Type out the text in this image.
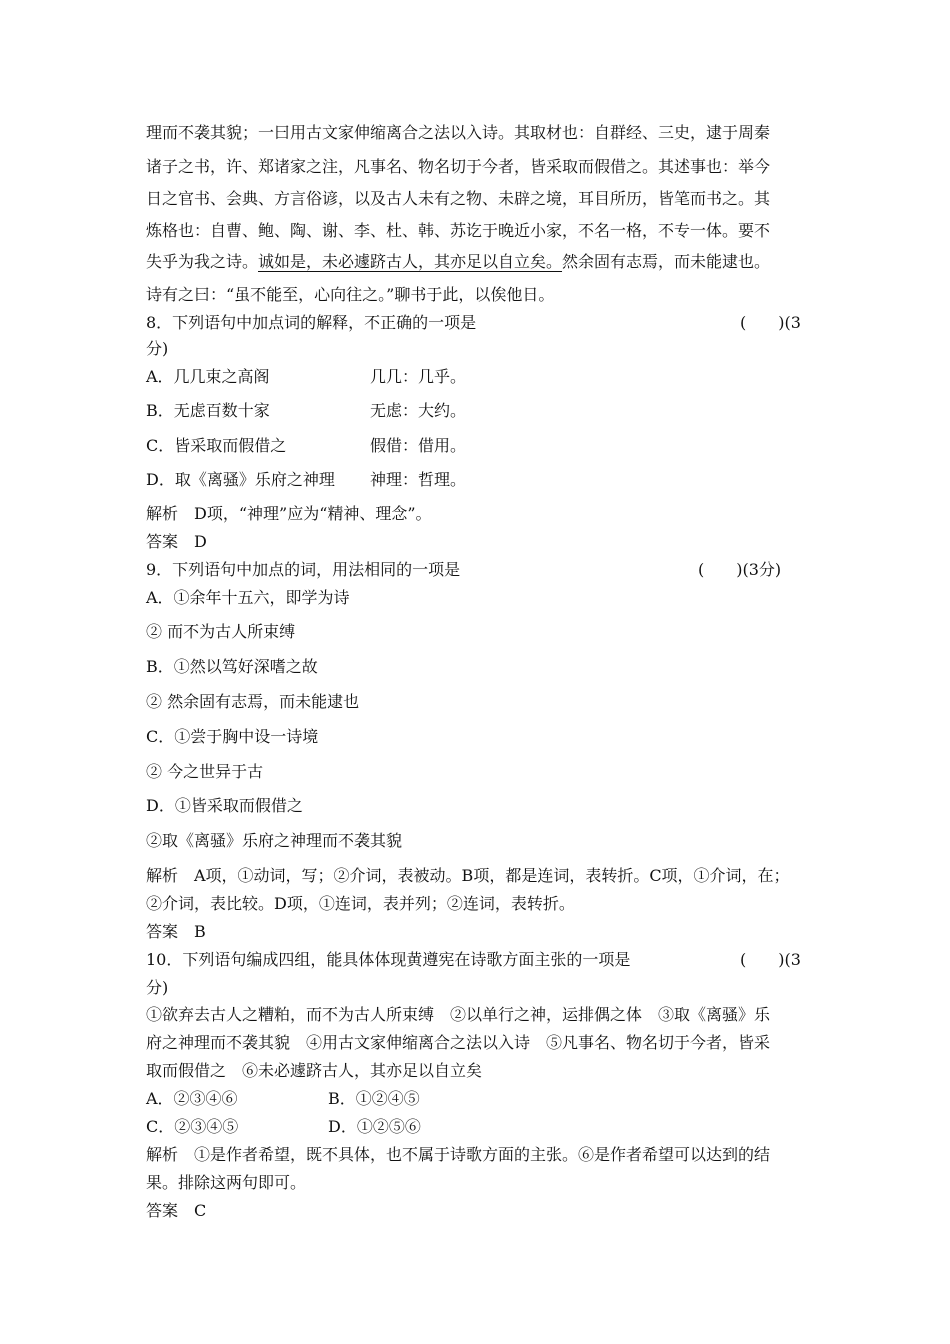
理而不袭其貌；一曰用古文家伸缩离合之法以入诗。其取材也：自群经、三史，逮于周秦
诸子之书，许、郑诸家之注，凡事名、物名切于今者，皆采取而假借之。其述事也：举今
日之官书、会典、方言俗谚，以及古人未有之物、未辟之境，耳目所历，皆笔而书之。其
炼格也：自曹、鲍、陶、谢、李、杜、韩、苏讫于晚近小家，不名一格，不专一体。要不
失乎为我之诗。诚如是，未必遽跻古人，其亦足以自立矣。然余固有志焉，而未能逮也。
诗有之曰：“虽不能至，心向往之。”聊书于此，以俟他日。
8．下列语句中加点词的解释，不正确的一项是	(　　)(3
分)
A．几几束之高阁	几几：几乎。
B．无虑百数十家	无虑：大约。
C．皆采取而假借之	假借：借用。
D．取《离骚》乐府之神理 神理：哲理。
解析　D项，“神理”应为“精神、理念”。
答案　D
9．下列语句中加点的词，用法相同的一项是	(　　)(3分)
A．①余年十五六，即学为诗
② 而不为古人所束缚
B．①然以笃好深嗜之故
② 然余固有志焉，而未能逮也
C．①尝于胸中设一诗境
② 今之世异于古
D．①皆采取而假借之
②取《离骚》乐府之神理而不袭其貌
解析　A项，①动词，写；②介词，表被动。B项，都是连词，表转折。C项，①介词，在；
②介词，表比较。D项，①连词，表并列；②连词，表转折。
答案　B
10．下列语句编成四组，能具体体现黄遵宪在诗歌方面主张的一项是	(　　)(3
分)
①欲弃去古人之糟粕，而不为古人所束缚　②以单行之神，运排偶之体　③取《离骚》乐
府之神理而不袭其貌　④用古文家伸缩离合之法以入诗　⑤凡事名、物名切于今者，皆采
取而假借之　⑥未必遽跻古人，其亦足以自立矣
A．②③④⑥	B．①②④⑤
C．②③④⑤	D．①②⑤⑥
解析　①是作者希望，既不具体，也不属于诗歌方面的主张。⑥是作者希望可以达到的结
果。排除这两句即可。
答案　C
